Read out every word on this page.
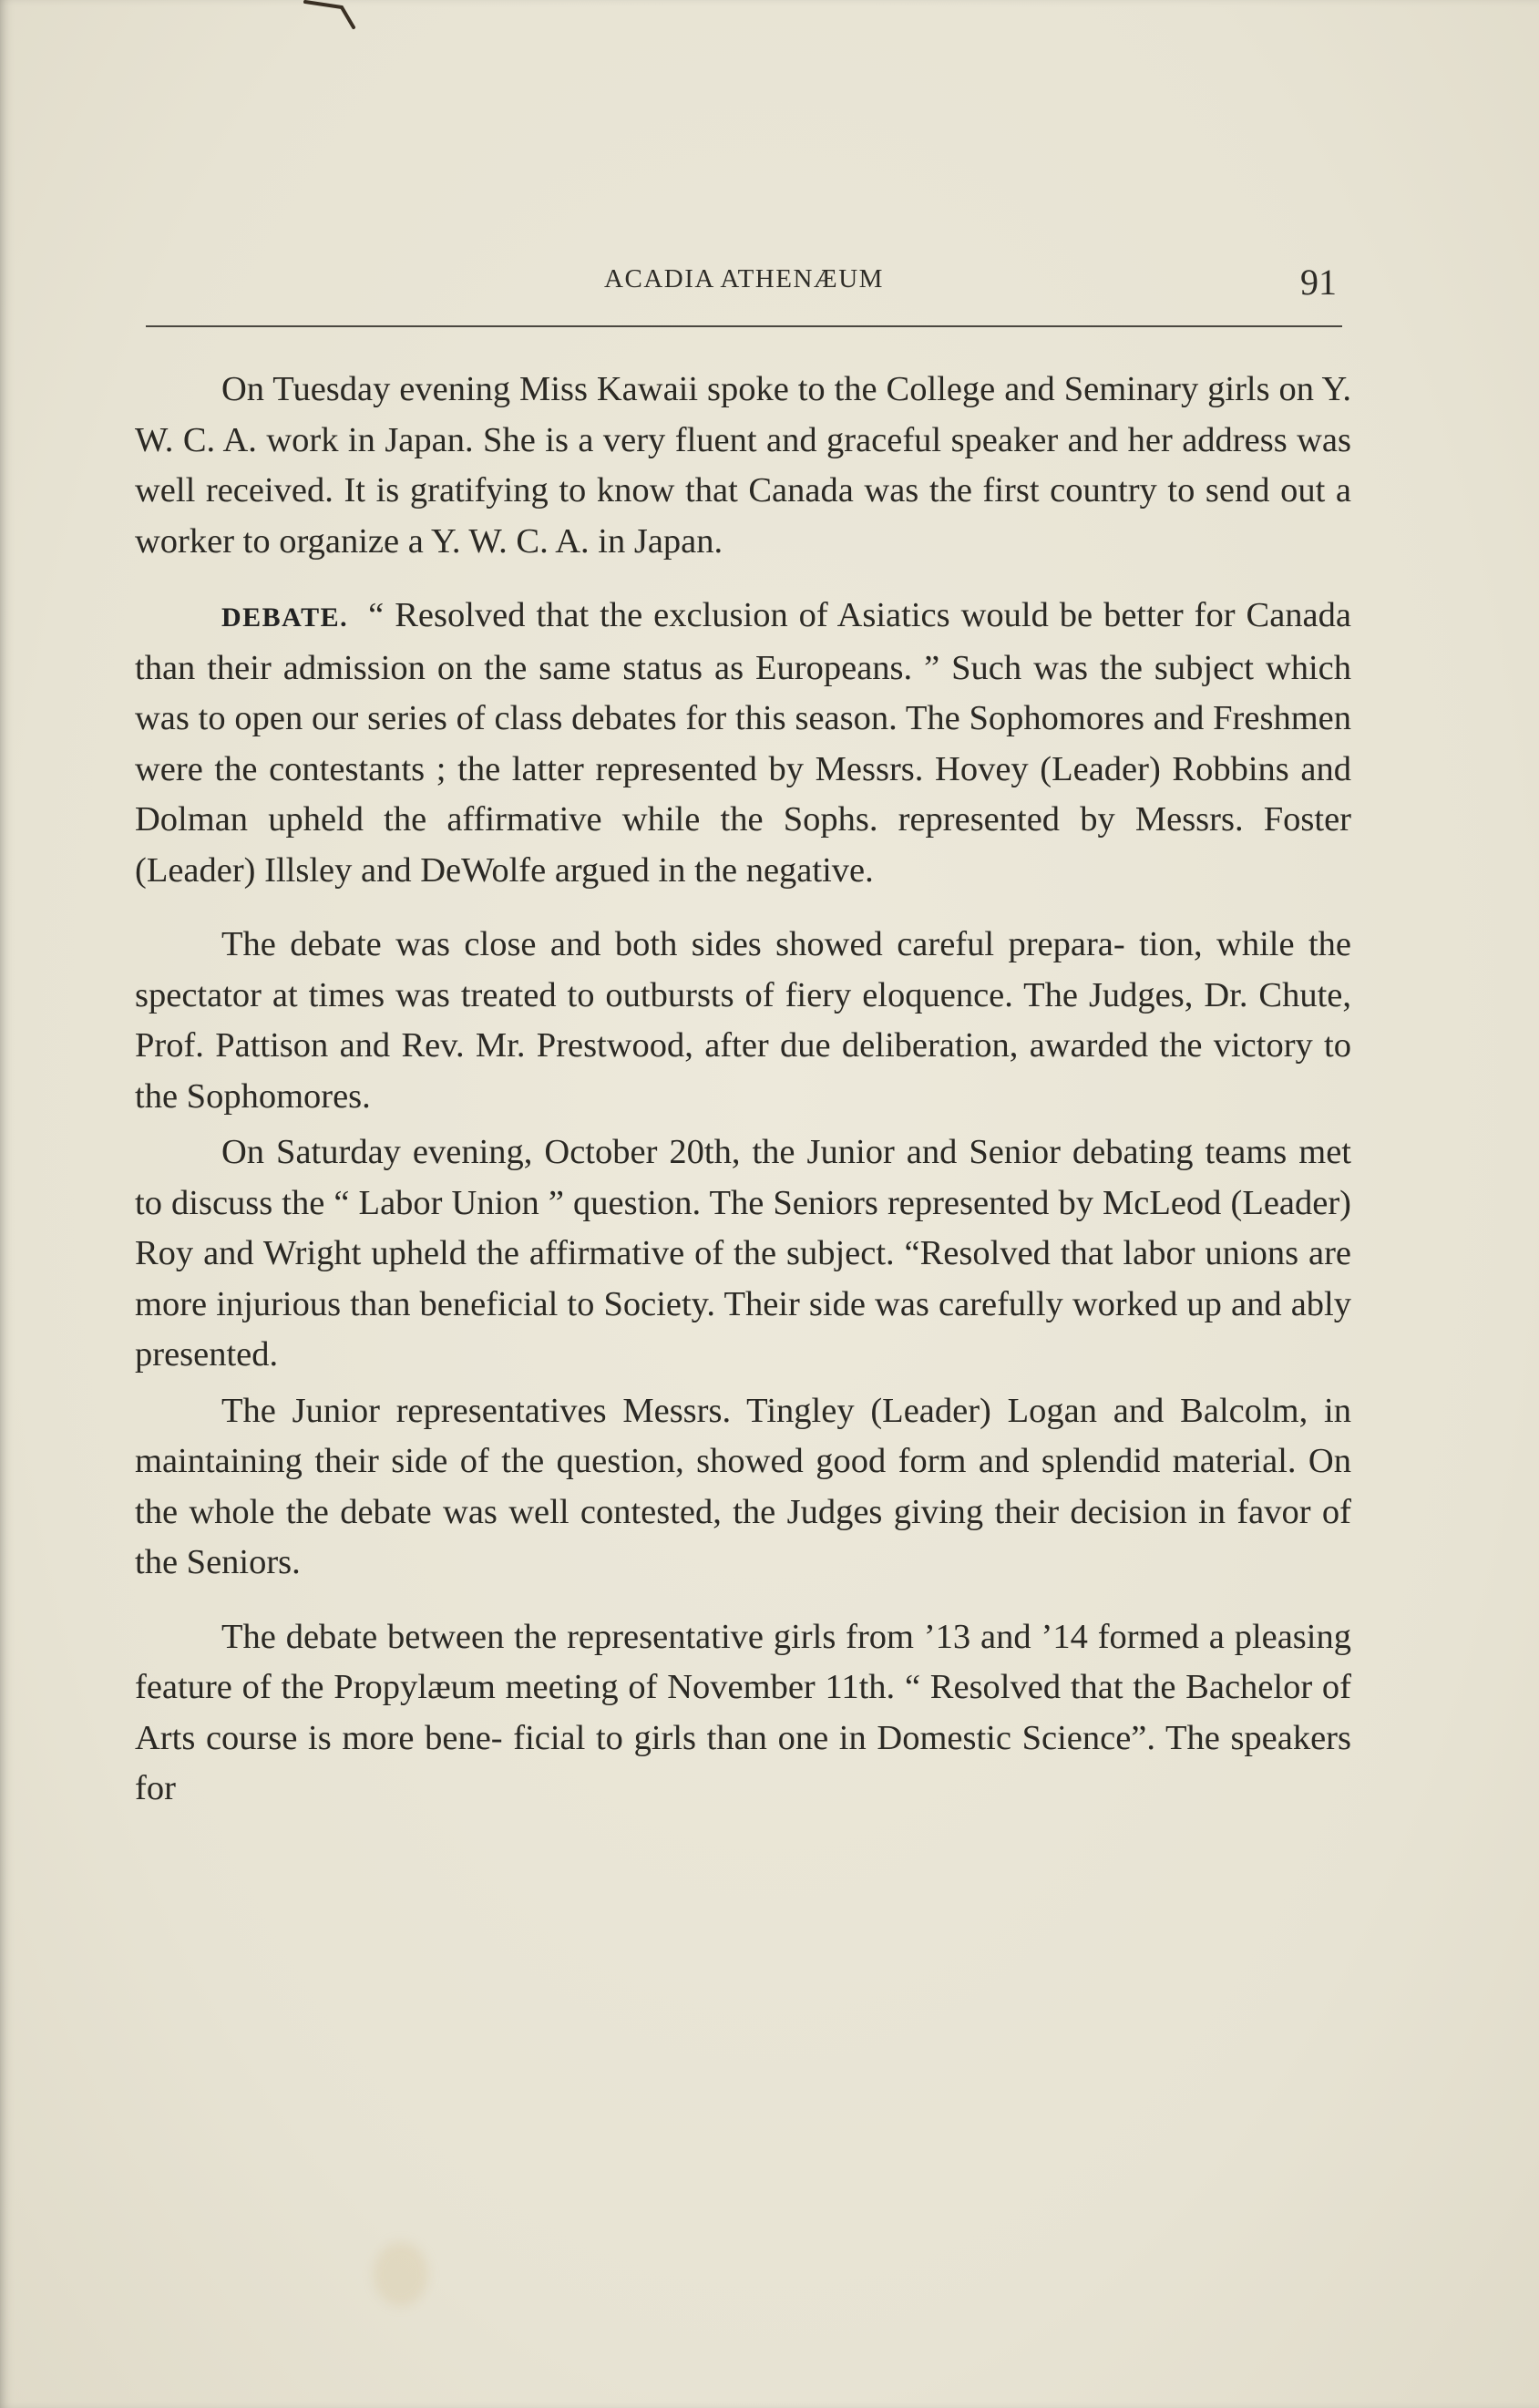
ACADIA ATHENÆUM	91

On Tuesday evening Miss Kawaii spoke to the College and Seminary girls on Y. W. C. A. work in Japan. She is a very fluent and graceful speaker and her address was well received. It is gratifying to know that Canada was the first country to send out a worker to organize a Y. W. C. A. in Japan.

DEBATE. “ Resolved that the exclusion of Asiatics would be better for Canada than their admission on the same status as Europeans. ” Such was the subject which was to open our series of class debates for this season. The Sophomores and Freshmen were the contestants ; the latter represented by Messrs. Hovey (Leader) Robbins and Dolman upheld the affirmative while the Sophs. represented by Messrs. Foster (Leader) Illsley and DeWolfe argued in the negative.

The debate was close and both sides showed careful prepara- tion, while the spectator at times was treated to outbursts of fiery eloquence. The Judges, Dr. Chute, Prof. Pattison and Rev. Mr. Prestwood, after due deliberation, awarded the victory to the Sophomores.

On Saturday evening, October 20th, the Junior and Senior debating teams met to discuss the “ Labor Union ” question. The Seniors represented by McLeod (Leader) Roy and Wright upheld the affirmative of the subject. “Resolved that labor unions are more injurious than beneficial to Society. Their side was carefully worked up and ably presented.

The Junior representatives Messrs. Tingley (Leader) Logan and Balcolm, in maintaining their side of the question, showed good form and splendid material. On the whole the debate was well contested, the Judges giving their decision in favor of the Seniors.

The debate between the representative girls from ’13 and ’14 formed a pleasing feature of the Propylæum meeting of November 11th. “ Resolved that the Bachelor of Arts course is more bene- ficial to girls than one in Domestic Science”. The speakers for
